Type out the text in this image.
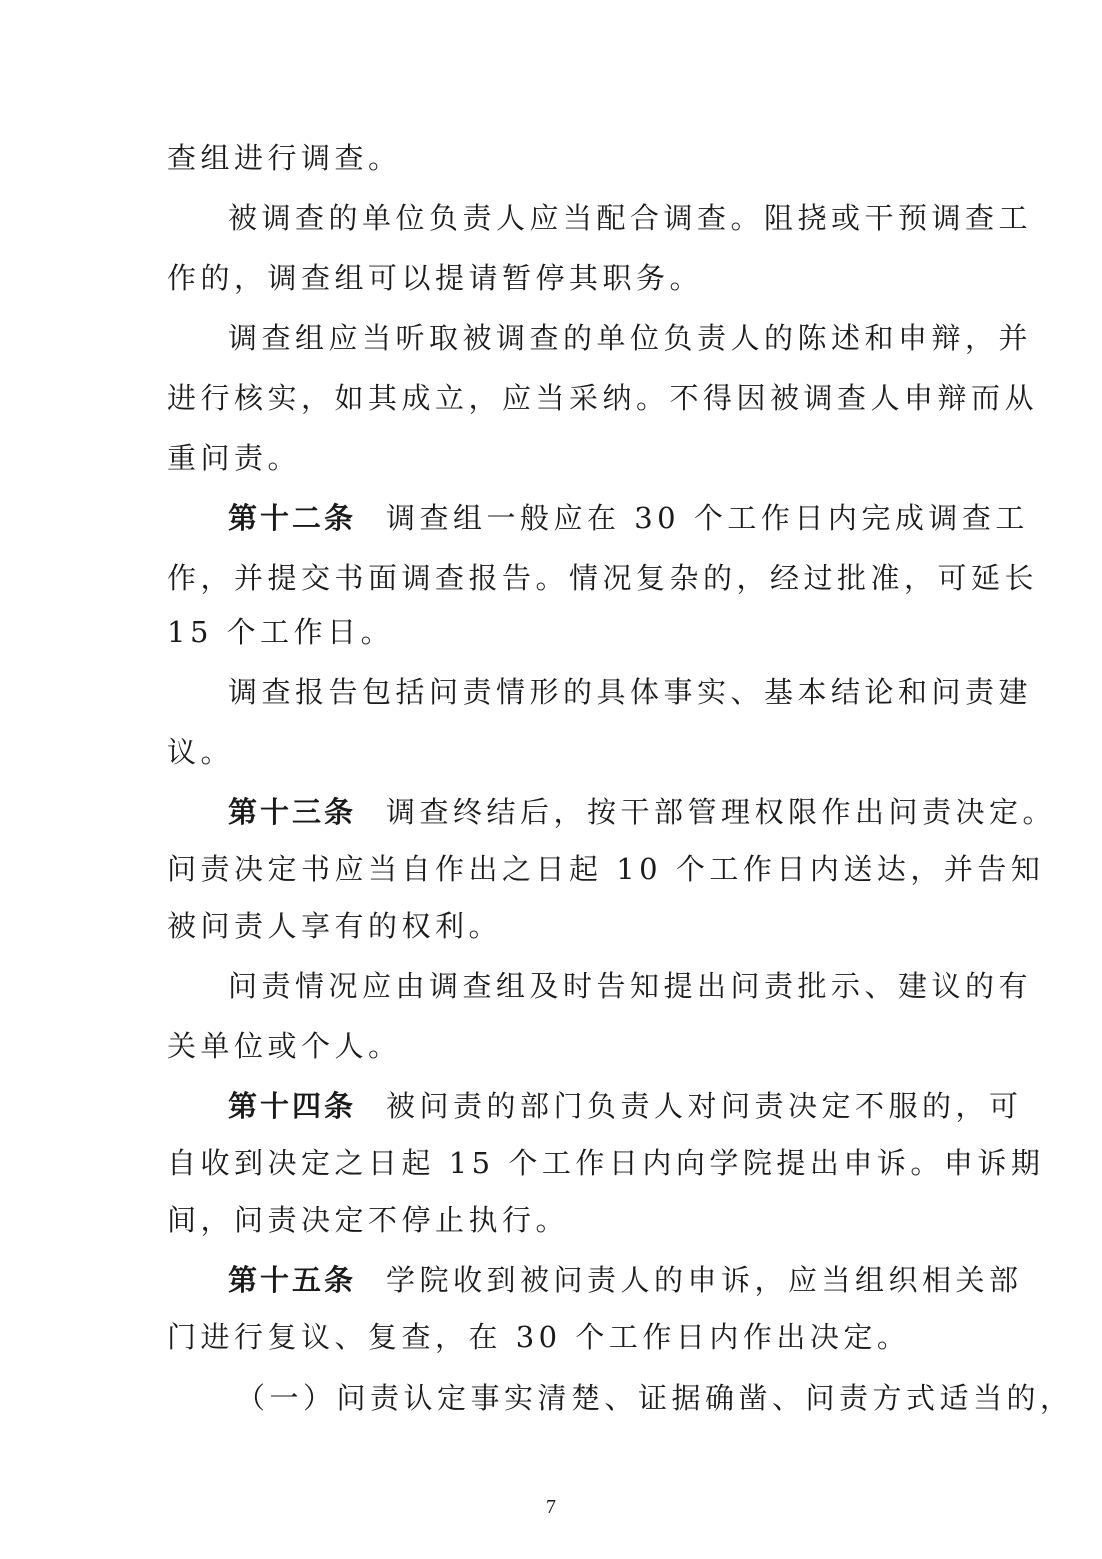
查组进行调查。
被调查的单位负责人应当配合调查。阻挠或干预调查工
作的，调查组可以提请暂停其职务。
调查组应当听取被调查的单位负责人的陈述和申辩，并
进行核实，如其成立，应当采纳。不得因被调查人申辩而从
重问责。
第十二条 调查组一般应在 30 个工作日内完成调查工
作，并提交书面调查报告。情况复杂的，经过批准，可延长
15 个工作日。
调查报告包括问责情形的具体事实、基本结论和问责建
议。
第十三条 调查终结后，按干部管理权限作出问责决定。
问责决定书应当自作出之日起 10 个工作日内送达，并告知
被问责人享有的权利。
问责情况应由调查组及时告知提出问责批示、建议的有
关单位或个人。
第十四条 被问责的部门负责人对问责决定不服的，可
自收到决定之日起 15 个工作日内向学院提出申诉。申诉期
间，问责决定不停止执行。
第十五条 学院收到被问责人的申诉，应当组织相关部
门进行复议、复查，在 30 个工作日内作出决定。
（一）问责认定事实清楚、证据确凿、问责方式适当的，
7
